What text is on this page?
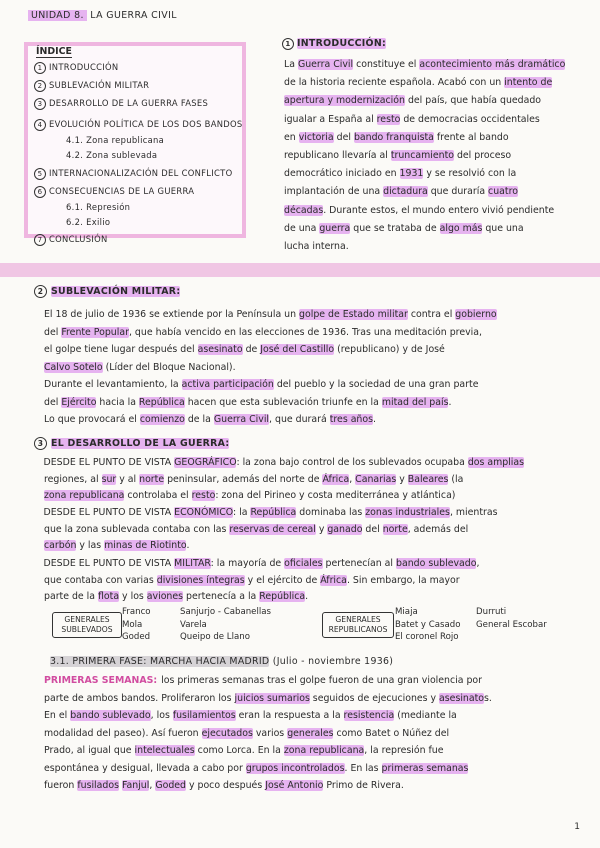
UNIDAD 8. LA GUERRA CIVIL
ÍNDICE
1 INTRODUCCIÓN
2 SUBLEVACIÓN MILITAR
3 DESARROLLO DE LA GUERRA FASES
4 EVOLUCIÓN POLÍTICA DE LOS DOS BANDOS
4.1. Zona republicana
4.2. Zona sublevada
5 INTERNACIONALIZACIÓN DEL CONFLICTO
6 CONSECUENCIAS DE LA GUERRA
6.1. Represión
6.2. Exilio
7 CONCLUSIÓN
1 INTRODUCCIÓN:
La Guerra Civil constituye el acontecimiento más dramático
de la historia reciente española. Acabó con un intento de
apertura y modernización del país, que había quedado
igualar a España al resto de democracias occidentales
en victoria del bando franquista frente al bando
republicano llevaría al truncamiento del proceso
democrático iniciado en 1931 y se resolvió con la
implantación de una dictadura que duraría cuatro
décadas. Durante estos, el mundo entero vivió pendiente
de una guerra que se trataba de algo más que una
lucha interna.
2 SUBLEVACIÓN MILITAR:
El 18 de julio de 1936 se extiende por la Península un golpe de Estado militar contra el gobierno
del Frente Popular, que había vencido en las elecciones de 1936. Tras una meditación previa,
el golpe tiene lugar después del asesinato de José del Castillo (republicano) y de José
Calvo Sotelo (Líder del Bloque Nacional).
Durante el levantamiento, la activa participación del pueblo y la sociedad de una gran parte
del Ejército hacia la República hacen que esta sublevación triunfe en la mitad del país.
Lo que provocará el comienzo de la Guerra Civil, que durará tres años.
3 EL DESARROLLO DE LA GUERRA:
• DESDE EL PUNTO DE VISTA GEOGRÁFICO: la zona bajo control de los sublevados ocupaba dos amplias
regiones, al sur y al norte peninsular, además del norte de África, Canarias y Baleares (la
zona republicana controlaba el resto: zona del Pirineo y costa mediterránea y atlántica)
• DESDE EL PUNTO DE VISTA ECONÓMICO: la República dominaba las zonas industriales, mientras
que la zona sublevada contaba con las reservas de cereal y ganado del norte, además del
carbón y las minas de Riotinto.
• DESDE EL PUNTO DE VISTA MILITAR: la mayoría de oficiales pertenecían al bando sublevado,
que contaba con varias divisiones íntegras y el ejército de África. Sin embargo, la mayor
parte de la flota y los aviones pertenecía a la República.
GENERALES SUBLEVADOS
Franco
Mola
Goded
Sanjurjo - Cabanellas
Varela
Queipo de Llano
GENERALES REPUBLICANOS
Miaja
Batet y Casado
El coronel Rojo
Durruti
General Escobar
3.1. PRIMERA FASE: MARCHA HACIA MADRID (Julio - noviembre 1936)
PRIMERAS SEMANAS: los primeras semanas tras el golpe fueron de una gran violencia por
parte de ambos bandos. Proliferaron los juicios sumarios seguidos de ejecuciones y asesinatos.
En el bando sublevado, los fusilamientos eran la respuesta a la resistencia (mediante la
modalidad del paseo). Así fueron ejecutados varios generales como Batet o Núñez del
Prado, al igual que intelectuales como Lorca. En la zona republicana, la represión fue
espontánea y desigual, llevada a cabo por grupos incontrolados. En las primeras semanas
fueron fusilados Fanjul, Goded y poco después José Antonio Primo de Rivera.
1
